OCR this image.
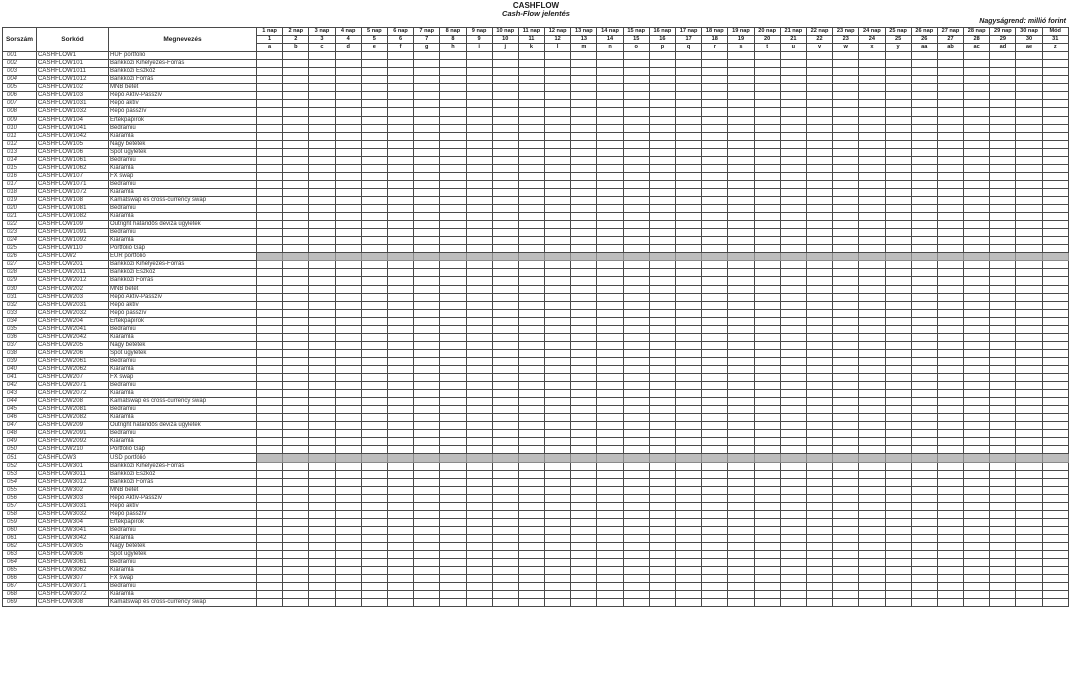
CASHFLOW
Cash-Flow jelentés
Nagyságrend: millió forint
Sorszám	Sorkód	Megnevezés	1 nap	2 nap	3 nap	4 nap	5 nap	6 nap	7 nap	8 nap	9 nap	10 nap	11 nap	12 nap	13 nap	14 nap	15 nap	16 nap	17 nap	18 nap	19 nap	20 nap	21 nap	22 nap	23 nap	24 nap	25 nap	26 nap	27 nap	28 nap	29 nap	30 nap	Mód
			1	2	3	4	5	6	7	8	9	10	11	12	13	14	15	16	17	18	19	20	21	22	23	24	25	26	27	28	29	30	31
			a	b	c	d	e	f	g	h	i	j	k	l	m	n	o	p	q	r	s	t	u	v	w	x	y	aa	ab	ac	ad	ae	z
001	CASHFLOW1	HUF portfólió																															
002	CASHFLOW101	Bankközi Kihelyezés-Forrás																															
003	CASHFLOW1011	Bankközi Eszköz																															
004	CASHFLOW1012	Bankközi Forrás																															
005	CASHFLOW102	MNB betét																															
006	CASHFLOW103	Repó Aktív-Passzív																															
007	CASHFLOW1031	Repó aktív																															
008	CASHFLOW1032	Repó passzív																															
009	CASHFLOW104	Értékpapírok																															
010	CASHFLOW1041	Bedramiú																															
011	CASHFLOW1042	Kiáramlá																															
012	CASHFLOW105	Nagy betétek																															
013	CASHFLOW106	Spot ügyletek																															
014	CASHFLOW1061	Bedramiú																															
015	CASHFLOW1062	Kiáramlá																															
016	CASHFLOW107	FX swap																															
017	CASHFLOW1071	Bedramiú																															
018	CASHFLOW1072	Kiáramlá																															
019	CASHFLOW108	Kamatswap és cross-currency swap																															
020	CASHFLOW1081	Bedramiú																															
021	CASHFLOW1082	Kiáramlá																															
022	CASHFLOW109	Outright határidős deviza ügyletek																															
023	CASHFLOW1091	Bedramiú																															
024	CASHFLOW1092	Kiáramlá																															
025	CASHFLOW110	Portfólió Gap																															
026	CASHFLOW2	EUR portfólió																															
027	CASHFLOW201	Bankközi Kihelyezés-Forrás																															
028	CASHFLOW2011	Bankközi Eszköz																															
029	CASHFLOW2012	Bankközi Forrás																															
030	CASHFLOW202	MNB betét																															
031	CASHFLOW203	Repó Aktív-Passzív																															
032	CASHFLOW2031	Repó aktív																															
033	CASHFLOW2032	Repó passzív																															
034	CASHFLOW204	Értékpapírok																															
035	CASHFLOW2041	Bedramiú																															
036	CASHFLOW2042	Kiáramlá																															
037	CASHFLOW205	Nagy betétek																															
038	CASHFLOW206	Spot ügyletek																															
039	CASHFLOW2061	Bedramiú																															
040	CASHFLOW2062	Kiáramlá																															
041	CASHFLOW207	FX swap																															
042	CASHFLOW2071	Bedramiú																															
043	CASHFLOW2072	Kiáramlá																															
044	CASHFLOW208	Kamatswap és cross-currency swap																															
045	CASHFLOW2081	Bedramiú																															
046	CASHFLOW2082	Kiáramlá																															
047	CASHFLOW209	Outright határidős deviza ügyletek																															
048	CASHFLOW2091	Bedramiú																															
049	CASHFLOW2092	Kiáramlá																															
050	CASHFLOW210	Portfólió Gap																															
051	CASHFLOW3	USD portfólió																															
052	CASHFLOW301	Bankközi Kihelyezés-Forrás																															
053	CASHFLOW3011	Bankközi Eszköz																															
054	CASHFLOW3012	Bankközi Forrás																															
055	CASHFLOW302	MNB betét																															
056	CASHFLOW303	Repó Aktív-Passzív																															
057	CASHFLOW3031	Repó aktív																															
058	CASHFLOW3032	Repó passzív																															
059	CASHFLOW304	Értékpapírok																															
060	CASHFLOW3041	Bedramiú																															
061	CASHFLOW3042	Kiáramlá																															
062	CASHFLOW305	Nagy betétek																															
063	CASHFLOW306	Spot ügyletek																															
064	CASHFLOW3061	Bedramiú																															
065	CASHFLOW3062	Kiáramlá																															
066	CASHFLOW307	FX swap																															
067	CASHFLOW3071	Bedramiú																															
068	CASHFLOW3072	Kiáramlá																															
069	CASHFLOW308	Kamatswap és cross-currency swap																															
